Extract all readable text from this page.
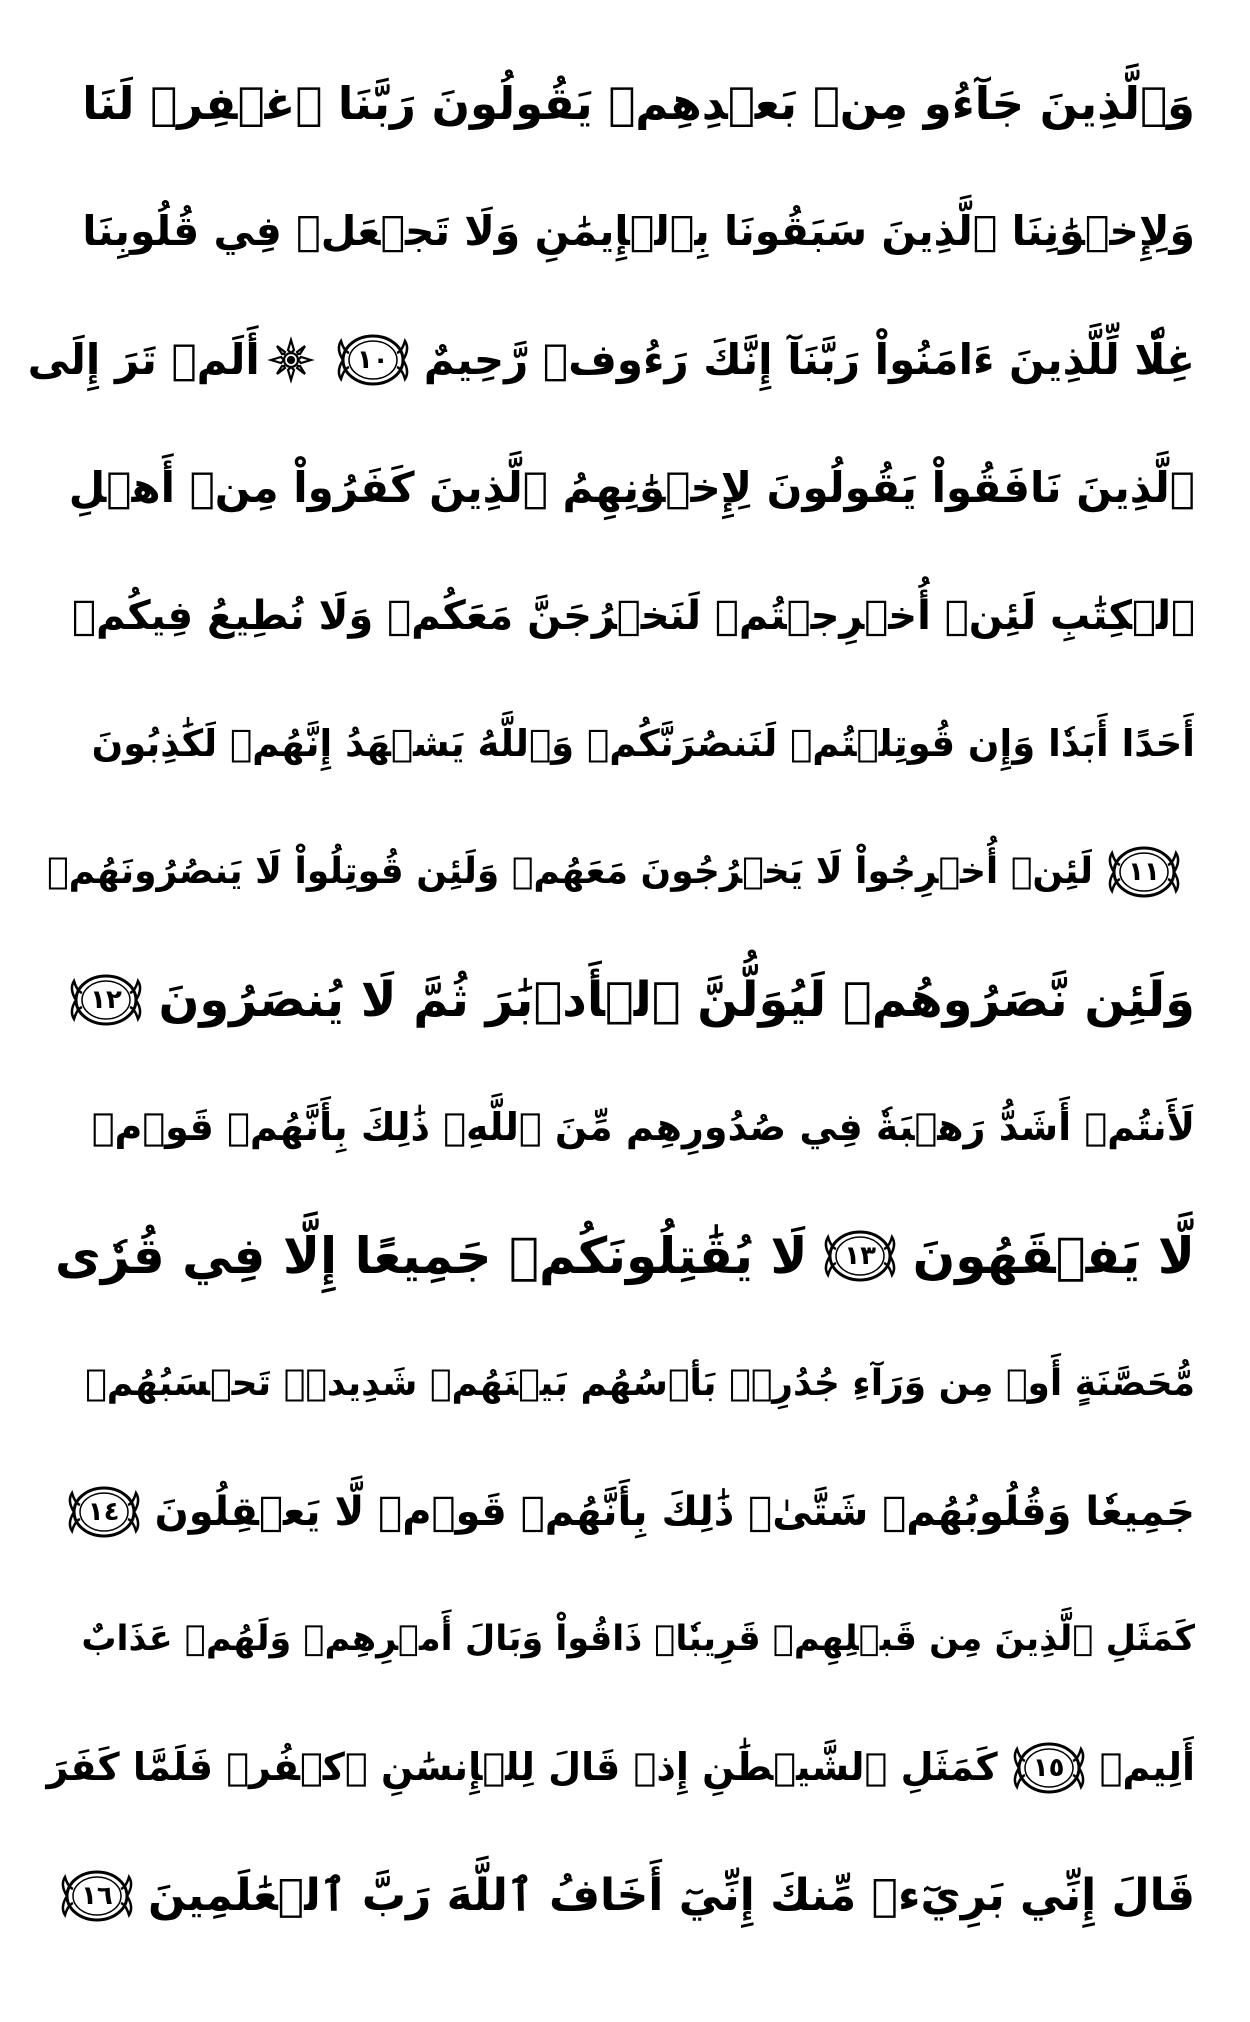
وَٱلَّذِينَ جَآءُو مِنۢ بَعۡدِهِمۡ يَقُولُونَ رَبَّنَا ٱغۡفِرۡ لَنَا
وَلِإِخۡوَٰنِنَا ٱلَّذِينَ سَبَقُونَا بِٱلۡإِيمَٰنِ وَلَا تَجۡعَلۡ فِي قُلُوبِنَا
غِلّٗا لِّلَّذِينَ ءَامَنُواْ رَبَّنَآ إِنَّكَ رَءُوفٞ رَّحِيمٌ
١٠
أَلَمۡ تَرَ إِلَى
ٱلَّذِينَ نَافَقُواْ يَقُولُونَ لِإِخۡوَٰنِهِمُ ٱلَّذِينَ كَفَرُواْ مِنۡ أَهۡلِ
ٱلۡكِتَٰبِ لَئِنۡ أُخۡرِجۡتُمۡ لَنَخۡرُجَنَّ مَعَكُمۡ وَلَا نُطِيعُ فِيكُمۡ
أَحَدًا أَبَدٗا وَإِن قُوتِلۡتُمۡ لَنَنصُرَنَّكُمۡ وَٱللَّهُ يَشۡهَدُ إِنَّهُمۡ لَكَٰذِبُونَ
١١
لَئِنۡ أُخۡرِجُواْ لَا يَخۡرُجُونَ مَعَهُمۡ وَلَئِن قُوتِلُواْ لَا يَنصُرُونَهُمۡ
وَلَئِن نَّصَرُوهُمۡ لَيُوَلُّنَّ ٱلۡأَدۡبَٰرَ ثُمَّ لَا يُنصَرُونَ
١٢
لَأَنتُمۡ أَشَدُّ رَهۡبَةٗ فِي صُدُورِهِم مِّنَ ٱللَّهِۚ ذَٰلِكَ بِأَنَّهُمۡ قَوۡمٞ
لَّا يَفۡقَهُونَ
١٣
لَا يُقَٰتِلُونَكُمۡ جَمِيعًا إِلَّا فِي قُرٗى
مُّحَصَّنَةٍ أَوۡ مِن وَرَآءِ جُدُرِۭۚ بَأۡسُهُم بَيۡنَهُمۡ شَدِيدٞۚ تَحۡسَبُهُمۡ
جَمِيعٗا وَقُلُوبُهُمۡ شَتَّىٰۚ ذَٰلِكَ بِأَنَّهُمۡ قَوۡمٞ لَّا يَعۡقِلُونَ
١٤
كَمَثَلِ ٱلَّذِينَ مِن قَبۡلِهِمۡ قَرِيبٗاۖ ذَاقُواْ وَبَالَ أَمۡرِهِمۡ وَلَهُمۡ عَذَابٌ
أَلِيمٞ
١٥
كَمَثَلِ ٱلشَّيۡطَٰنِ إِذۡ قَالَ لِلۡإِنسَٰنِ ٱكۡفُرۡ فَلَمَّا كَفَرَ
قَالَ إِنِّي بَرِيٓءٞ مِّنكَ إِنِّيٓ أَخَافُ ٱللَّهَ رَبَّ ٱلۡعَٰلَمِينَ
١٦
